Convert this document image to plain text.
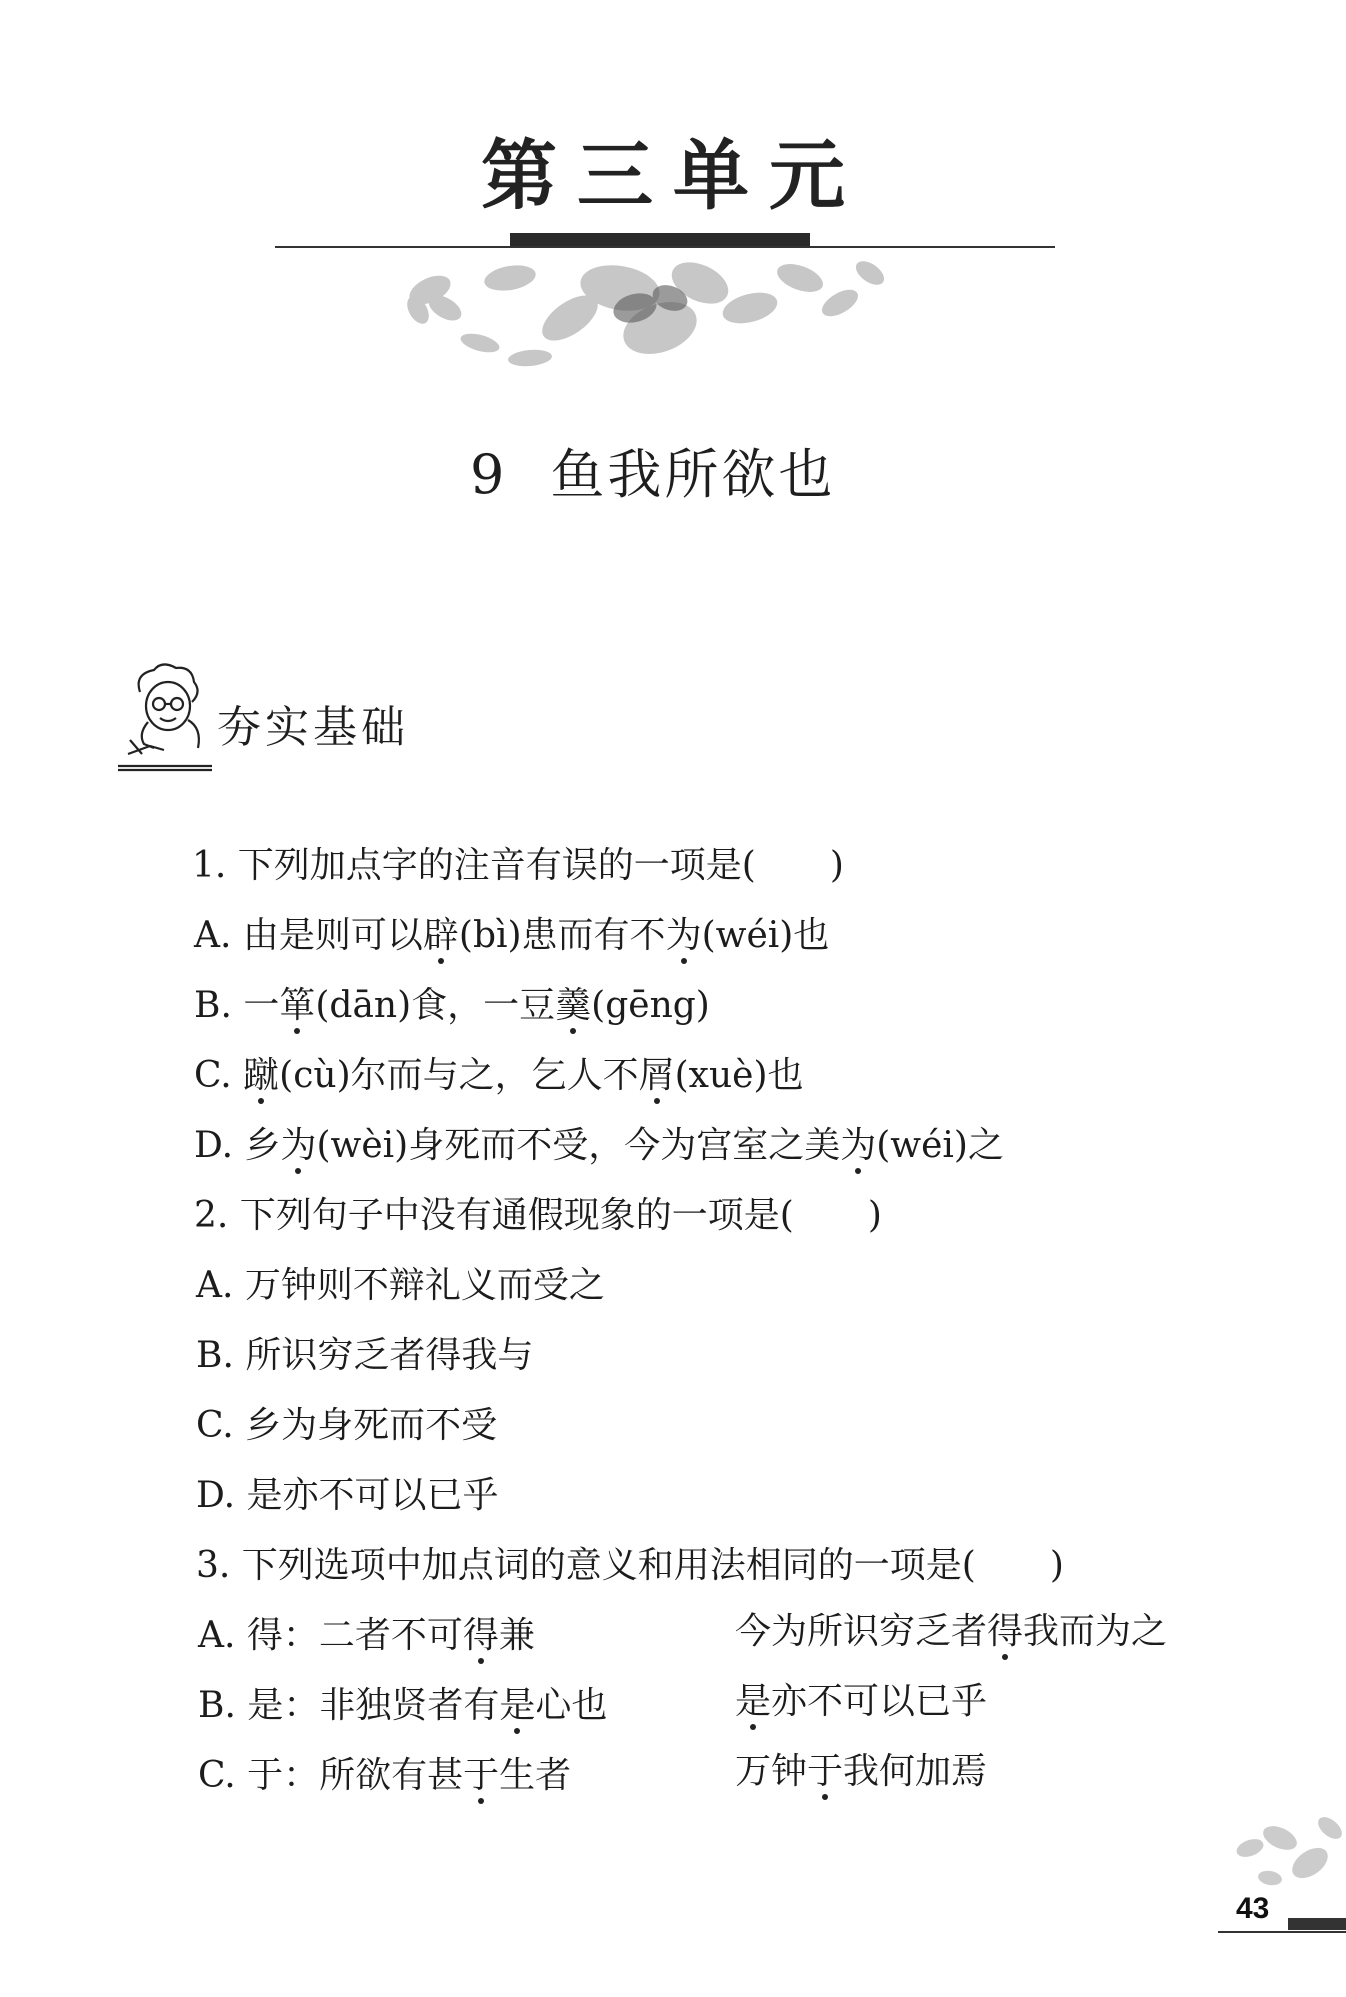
第三单元
9 鱼我所欲也
夯实基础
1. 下列加点字的注音有误的一项是( )
A. 由是则可以辟(bì)患而有不为(wéi)也
B. 一箪(dān)食，一豆羹(gēng)
C. 蹴(cù)尔而与之，乞人不屑(xuè)也
D. 乡为(wèi)身死而不受，今为宫室之美为(wéi)之
2. 下列句子中没有通假现象的一项是( )
A. 万钟则不辩礼义而受之
B. 所识穷乏者得我与
C. 乡为身死而不受
D. 是亦不可以已乎
3. 下列选项中加点词的意义和用法相同的一项是( )
A. 得：二者不可得兼	今为所识穷乏者得我而为之
B. 是：非独贤者有是心也	是亦不可以已乎
C. 于：所欲有甚于生者	万钟于我何加焉
43
